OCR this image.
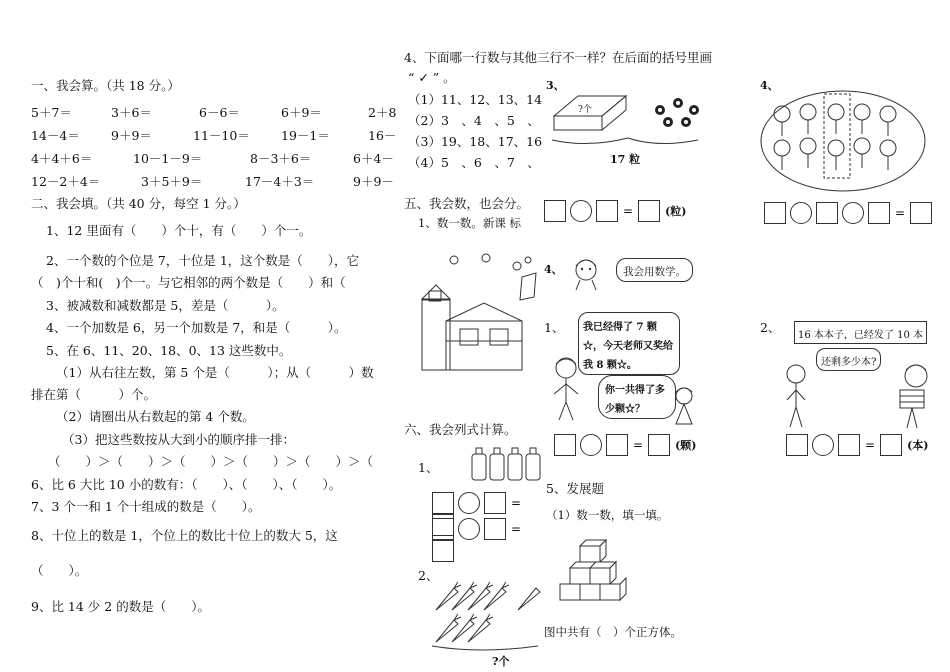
一、我会算。（共 18 分。）
5＋7＝	3＋6＝	6－6＝	6＋9＝	2＋8
14－4＝ 9＋9＝	11－10＝ 19－1＝	16－
4＋4＋6＝	10－1－9＝	8－3＋6＝	6＋4－
12－2＋4＝	3＋5＋9＝	17－4＋3＝	9＋9－
二、我会填。（共 40 分，每空 1 分。）
1、12 里面有（　　）个十，有（　　）个一。
2、一个数的个位是 7，十位是 1，这个数是（　　），它
（　)个十和(　)个一。与它相邻的两个数是（　　）和（
3、被减数和减数都是 5，差是（　　　）。
4、一个加数是 6，另一个加数是 7，和是（　　　）。
5、在 6、11、20、18、0、13 这些数中。
（1）从右往左数，第 5 个是（　　　）；从（　　　）数
排在第（　　　）个。
（2）请圈出从右数起的第 4 个数。
（3）把这些数按从大到小的顺序排一排：
（　　）＞（　　）＞（　　）＞（　　）＞（　　）＞（
6、比 6 大比 10 小的数有：（　　）、（　　）、（　　）。
7、3 个一和 1 个十组成的数是（　　）。
8、十位上的数是 1，个位上的数比十位上的数大 5，这
（　　）。
9、比 14 少 2 的数是（　　）。
4、下面哪一行数与其他三行不一样？在后面的括号里画
“ ✓ ” 。
（1）11、12、13、14
（2）3　、4　、5　、
（3）19、18、17、16
（4）5　、6　、7　、
五、我会数，也会分。
1、数一数。新课 标
六、我会列式计算。
1、
=
=
2、
?个
3、
?个
17 粒
=	(粒)
4、
=
4、	我会用数学。
1、	我已经得了 7 颗☆，今天老师又奖给我 8 颗☆。
你一共得了多少颗☆？
=	(颗)
2、
16 本本子，已经发了 10 本
还剩多少本?
=	(本)
5、发展题
（1）数一数，填一填。
图中共有（　）个正方体。
